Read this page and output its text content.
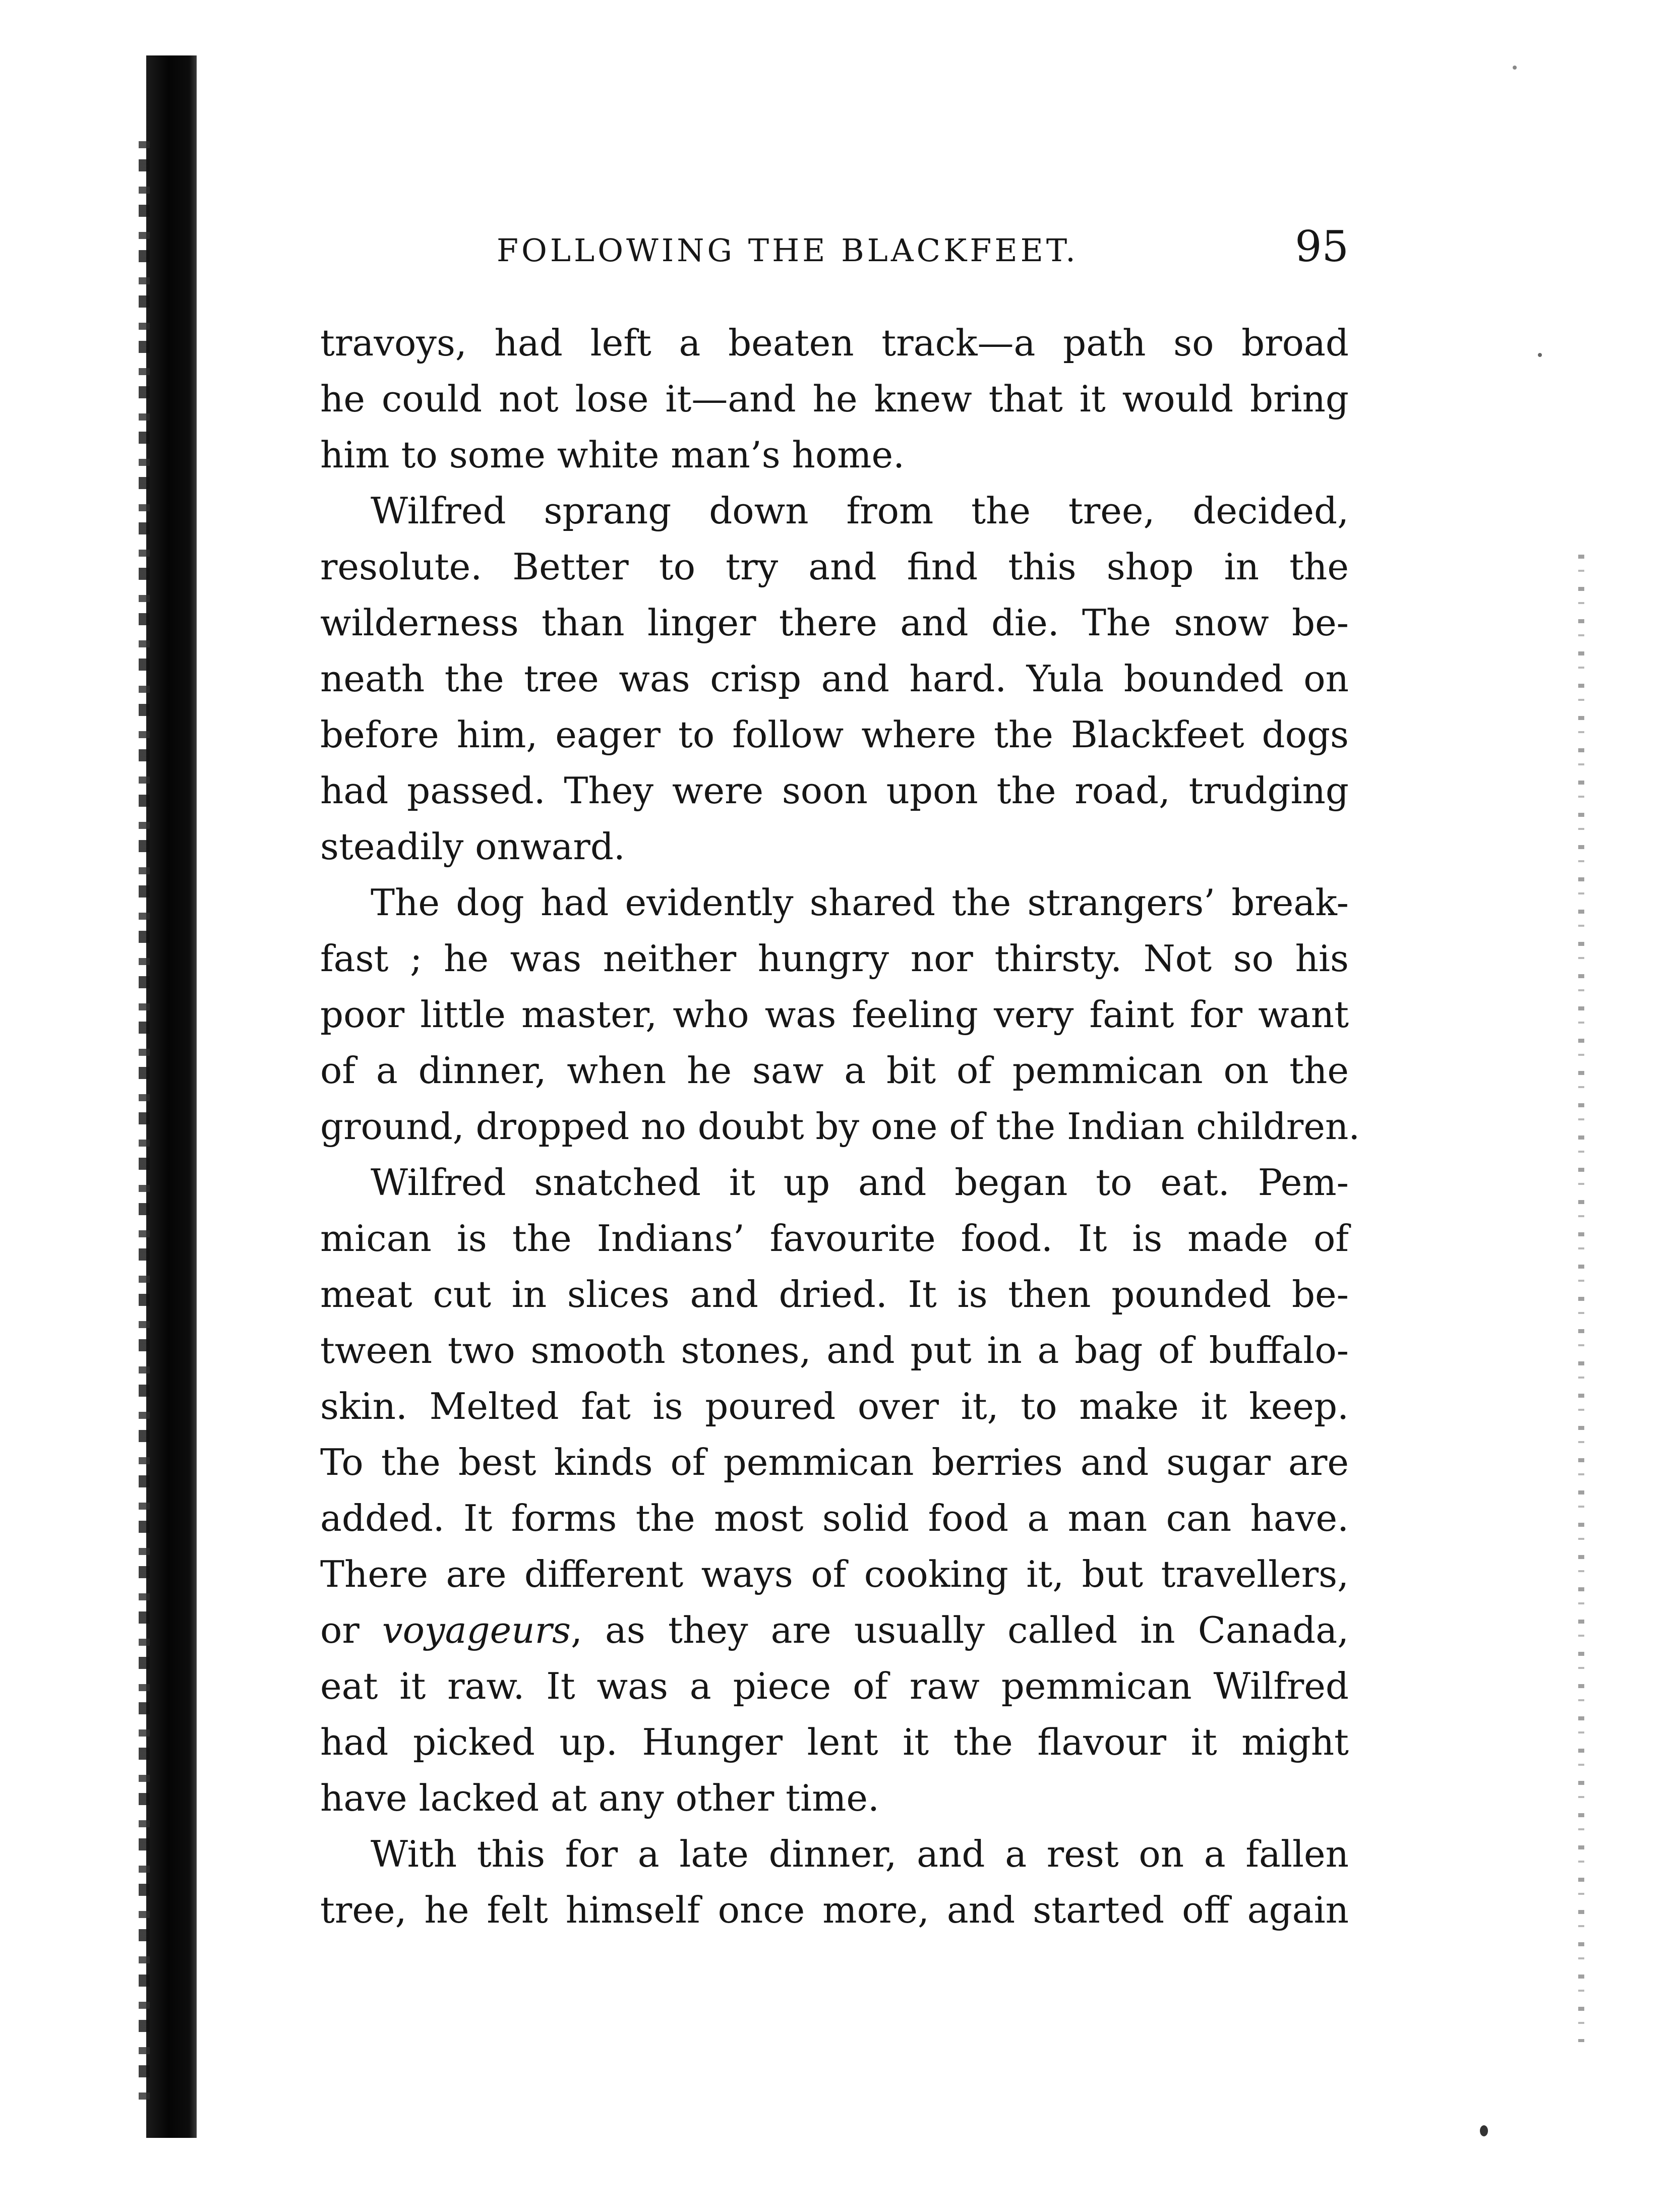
FOLLOWING THE BLACKFEET.	95
travoys, had left a beaten track—a path so broad
he could not lose it—and he knew that it would bring
him to some white man’s home.
Wilfred sprang down from the tree, decided,
resolute. Better to try and find this shop in the
wilderness than linger there and die. The snow be-
neath the tree was crisp and hard. Yula bounded on
before him, eager to follow where the Blackfeet dogs
had passed. They were soon upon the road, trudging
steadily onward.
The dog had evidently shared the strangers’ break-
fast ; he was neither hungry nor thirsty. Not so his
poor little master, who was feeling very faint for want
of a dinner, when he saw a bit of pemmican on the
ground, dropped no doubt by one of the Indian children.
Wilfred snatched it up and began to eat. Pem-
mican is the Indians’ favourite food. It is made of
meat cut in slices and dried. It is then pounded be-
tween two smooth stones, and put in a bag of buffalo-
skin. Melted fat is poured over it, to make it keep.
To the best kinds of pemmican berries and sugar are
added. It forms the most solid food a man can have.
There are different ways of cooking it, but travellers,
or voyageurs, as they are usually called in Canada,
eat it raw. It was a piece of raw pemmican Wilfred
had picked up. Hunger lent it the flavour it might
have lacked at any other time.
With this for a late dinner, and a rest on a fallen
tree, he felt himself once more, and started off again
